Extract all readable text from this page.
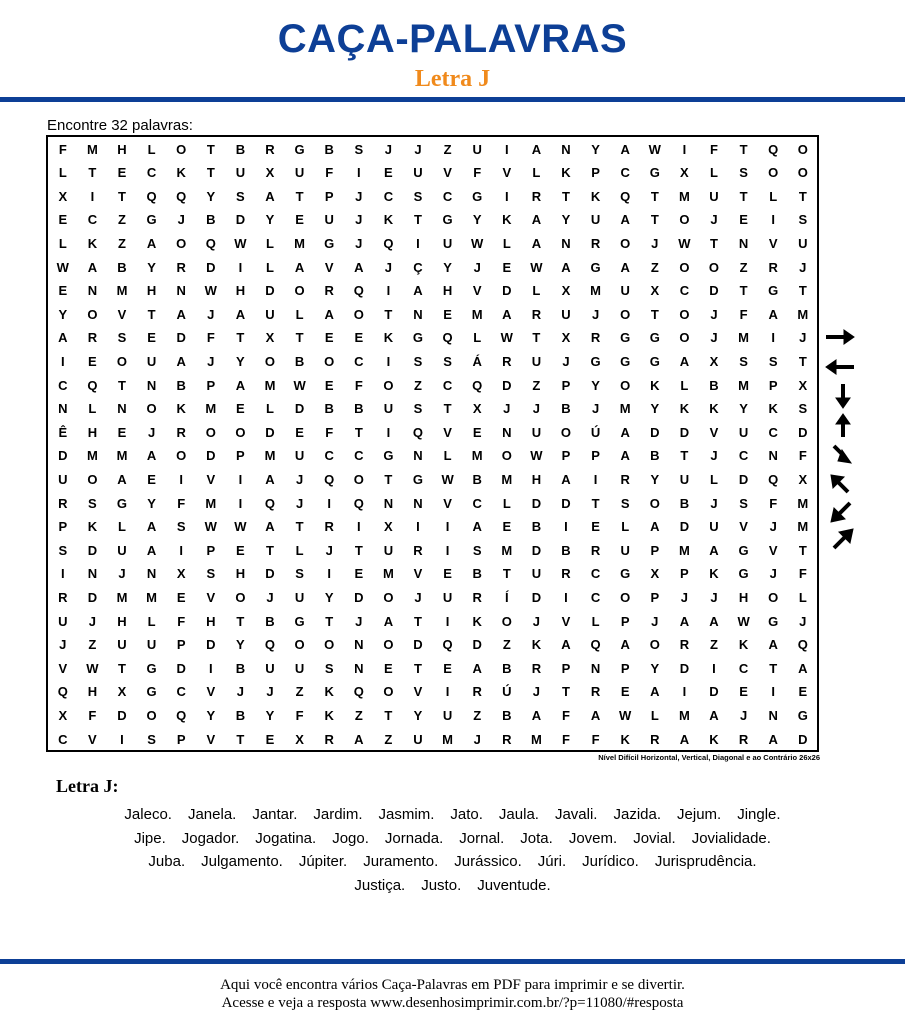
CAÇA-PALAVRAS
Letra J
Encontre 32 palavras:
F	M	H	L	O	T	B	R	G	B	S	J	J	Z	U	I	A	N	Y	A	W	I	F	T	Q	O
L	T	E	C	K	T	U	X	U	F	I	E	U	V	F	V	L	K	P	C	G	X	L	S	O	O
X	I	T	Q	Q	Y	S	A	T	P	J	C	S	C	G	I	R	T	K	Q	T	M	U	T	L	T
E	C	Z	G	J	B	D	Y	E	U	J	K	T	G	Y	K	A	Y	U	A	T	O	J	E	I	S
L	K	Z	A	O	Q	W	L	M	G	J	Q	I	U	W	L	A	N	R	O	J	W	T	N	V	U
W	A	B	Y	R	D	I	L	A	V	A	J	Ç	Y	J	E	W	A	G	A	Z	O	O	Z	R	J
E	N	M	H	N	W	H	D	O	R	Q	I	A	H	V	D	L	X	M	U	X	C	D	T	G	T
Y	O	V	T	A	J	A	U	L	A	O	T	N	E	M	A	R	U	J	O	T	O	J	F	A	M
A	R	S	E	D	F	T	X	T	E	E	K	G	Q	L	W	T	X	R	G	G	O	J	M	I	J
I	E	O	U	A	J	Y	O	B	O	C	I	S	S	Á	R	U	J	G	G	G	A	X	S	S	T
C	Q	T	N	B	P	A	M	W	E	F	O	Z	C	Q	D	Z	P	Y	O	K	L	B	M	P	X
N	L	N	O	K	M	E	L	D	B	B	U	S	T	X	J	J	B	J	M	Y	K	K	Y	K	S
Ê	H	E	J	R	O	O	D	E	F	T	I	Q	V	E	N	U	O	Ú	A	D	D	V	U	C	D
D	M	M	A	O	D	P	M	U	C	C	G	N	L	M	O	W	P	P	A	B	T	J	C	N	F
U	O	A	E	I	V	I	A	J	Q	O	T	G	W	B	M	H	A	I	R	Y	U	L	D	Q	X
R	S	G	Y	F	M	I	Q	J	I	Q	N	N	V	C	L	D	D	T	S	O	B	J	S	F	M
P	K	L	A	S	W	W	A	T	R	I	X	I	I	A	E	B	I	E	L	A	D	U	V	J	M
S	D	U	A	I	P	E	T	L	J	T	U	R	I	S	M	D	B	R	U	P	M	A	G	V	T
I	N	J	N	X	S	H	D	S	I	E	M	V	E	B	T	U	R	C	G	X	P	K	G	J	F
R	D	M	M	E	V	O	J	U	Y	D	O	J	U	R	Í	D	I	C	O	P	J	J	H	O	L
U	J	H	L	F	H	T	B	G	T	J	A	T	I	K	O	J	V	L	P	J	A	A	W	G	J
J	Z	U	U	P	D	Y	Q	O	O	N	O	D	Q	D	Z	K	A	Q	A	O	R	Z	K	A	Q
V	W	T	G	D	I	B	U	U	S	N	E	T	E	A	B	R	P	N	P	Y	D	I	C	T	A
Q	H	X	G	C	V	J	J	Z	K	Q	O	V	I	R	Ú	J	T	R	E	A	I	D	E	I	E
X	F	D	O	Q	Y	B	Y	F	K	Z	T	Y	U	Z	B	A	F	A	W	L	M	A	J	N	G
C	V	I	S	P	V	T	E	X	R	A	Z	U	M	J	R	M	F	F	K	R	A	K	R	A	D
Nível Difícil Horizontal, Vertical, Diagonal e ao Contrário 26x26
Letra J:
Jaleco. Janela. Jantar. Jardim. Jasmim. Jato. Jaula. Javali. Jazida. Jejum. Jingle.
Jipe. Jogador. Jogatina. Jogo. Jornada. Jornal. Jota. Jovem. Jovial. Jovialidade.
Juba. Julgamento. Júpiter. Juramento. Jurássico. Júri. Jurídico. Jurisprudência.
Justiça. Justo. Juventude.
Aqui você encontra vários Caça-Palavras em PDF para imprimir e se divertir.
Acesse e veja a resposta www.desenhosimprimir.com.br/?p=11080/#resposta
